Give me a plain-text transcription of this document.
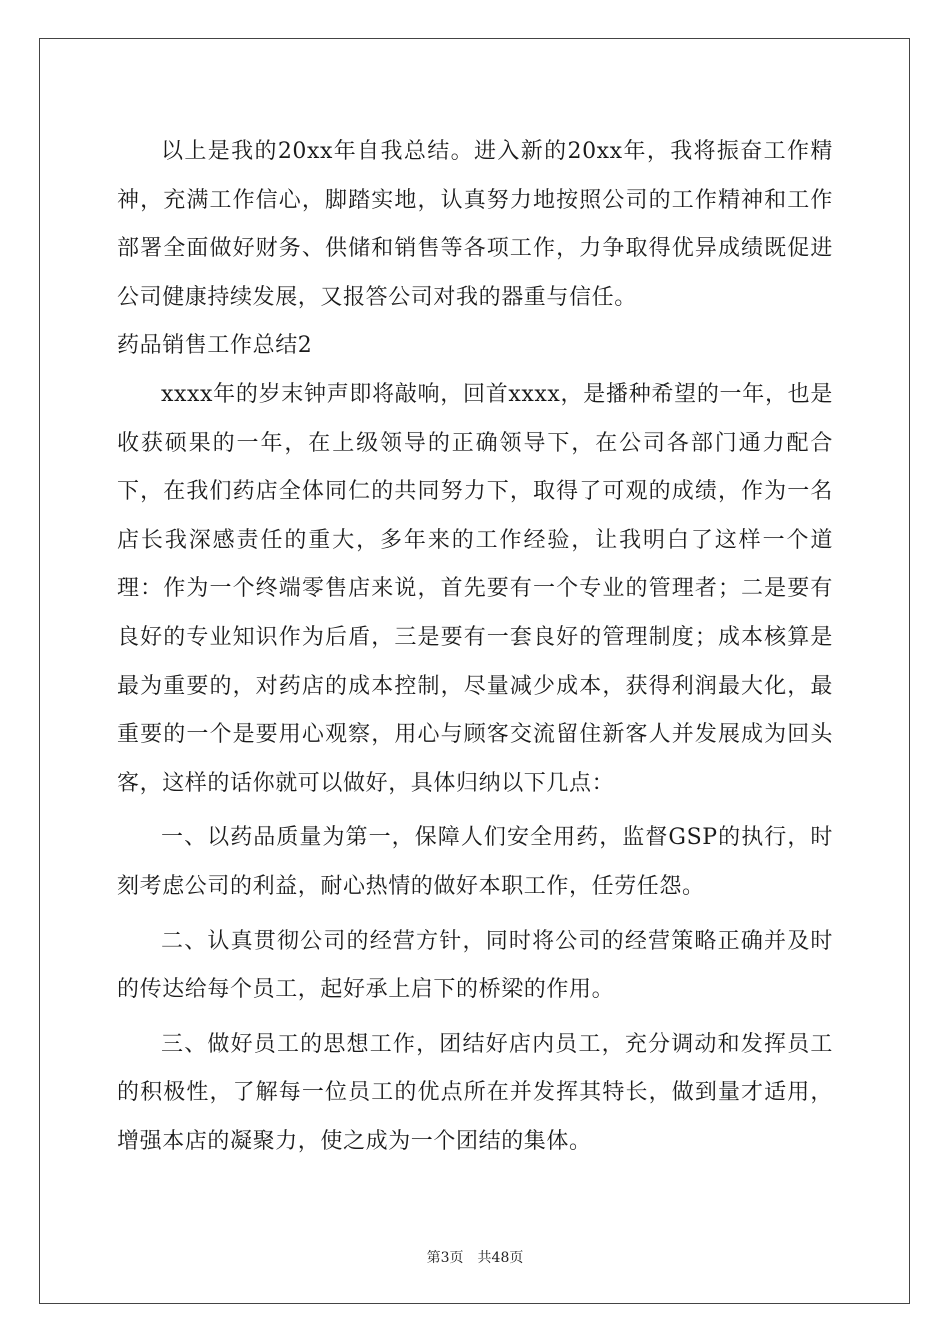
以上是我的20xx年自我总结。进入新的20xx年，我将振奋工作精神，充满工作信心，脚踏实地，认真努力地按照公司的工作精神和工作部署全面做好财务、供储和销售等各项工作，力争取得优异成绩既促进公司健康持续发展，又报答公司对我的器重与信任。

药品销售工作总结2

xxxx年的岁末钟声即将敲响，回首xxxx，是播种希望的一年，也是收获硕果的一年，在上级领导的正确领导下，在公司各部门通力配合下，在我们药店全体同仁的共同努力下，取得了可观的成绩，作为一名店长我深感责任的重大，多年来的工作经验，让我明白了这样一个道理：作为一个终端零售店来说，首先要有一个专业的管理者；二是要有良好的专业知识作为后盾，三是要有一套良好的管理制度；成本核算是最为重要的，对药店的成本控制，尽量减少成本，获得利润最大化，最重要的一个是要用心观察，用心与顾客交流留住新客人并发展成为回头客，这样的话你就可以做好，具体归纳以下几点：

一、以药品质量为第一，保障人们安全用药，监督GSP的执行，时刻考虑公司的利益，耐心热情的做好本职工作，任劳任怨。

二、认真贯彻公司的经营方针，同时将公司的经营策略正确并及时的传达给每个员工，起好承上启下的桥梁的作用。

三、做好员工的思想工作，团结好店内员工，充分调动和发挥员工的积极性，了解每一位员工的优点所在并发挥其特长，做到量才适用，增强本店的凝聚力，使之成为一个团结的集体。

第3页 共48页
